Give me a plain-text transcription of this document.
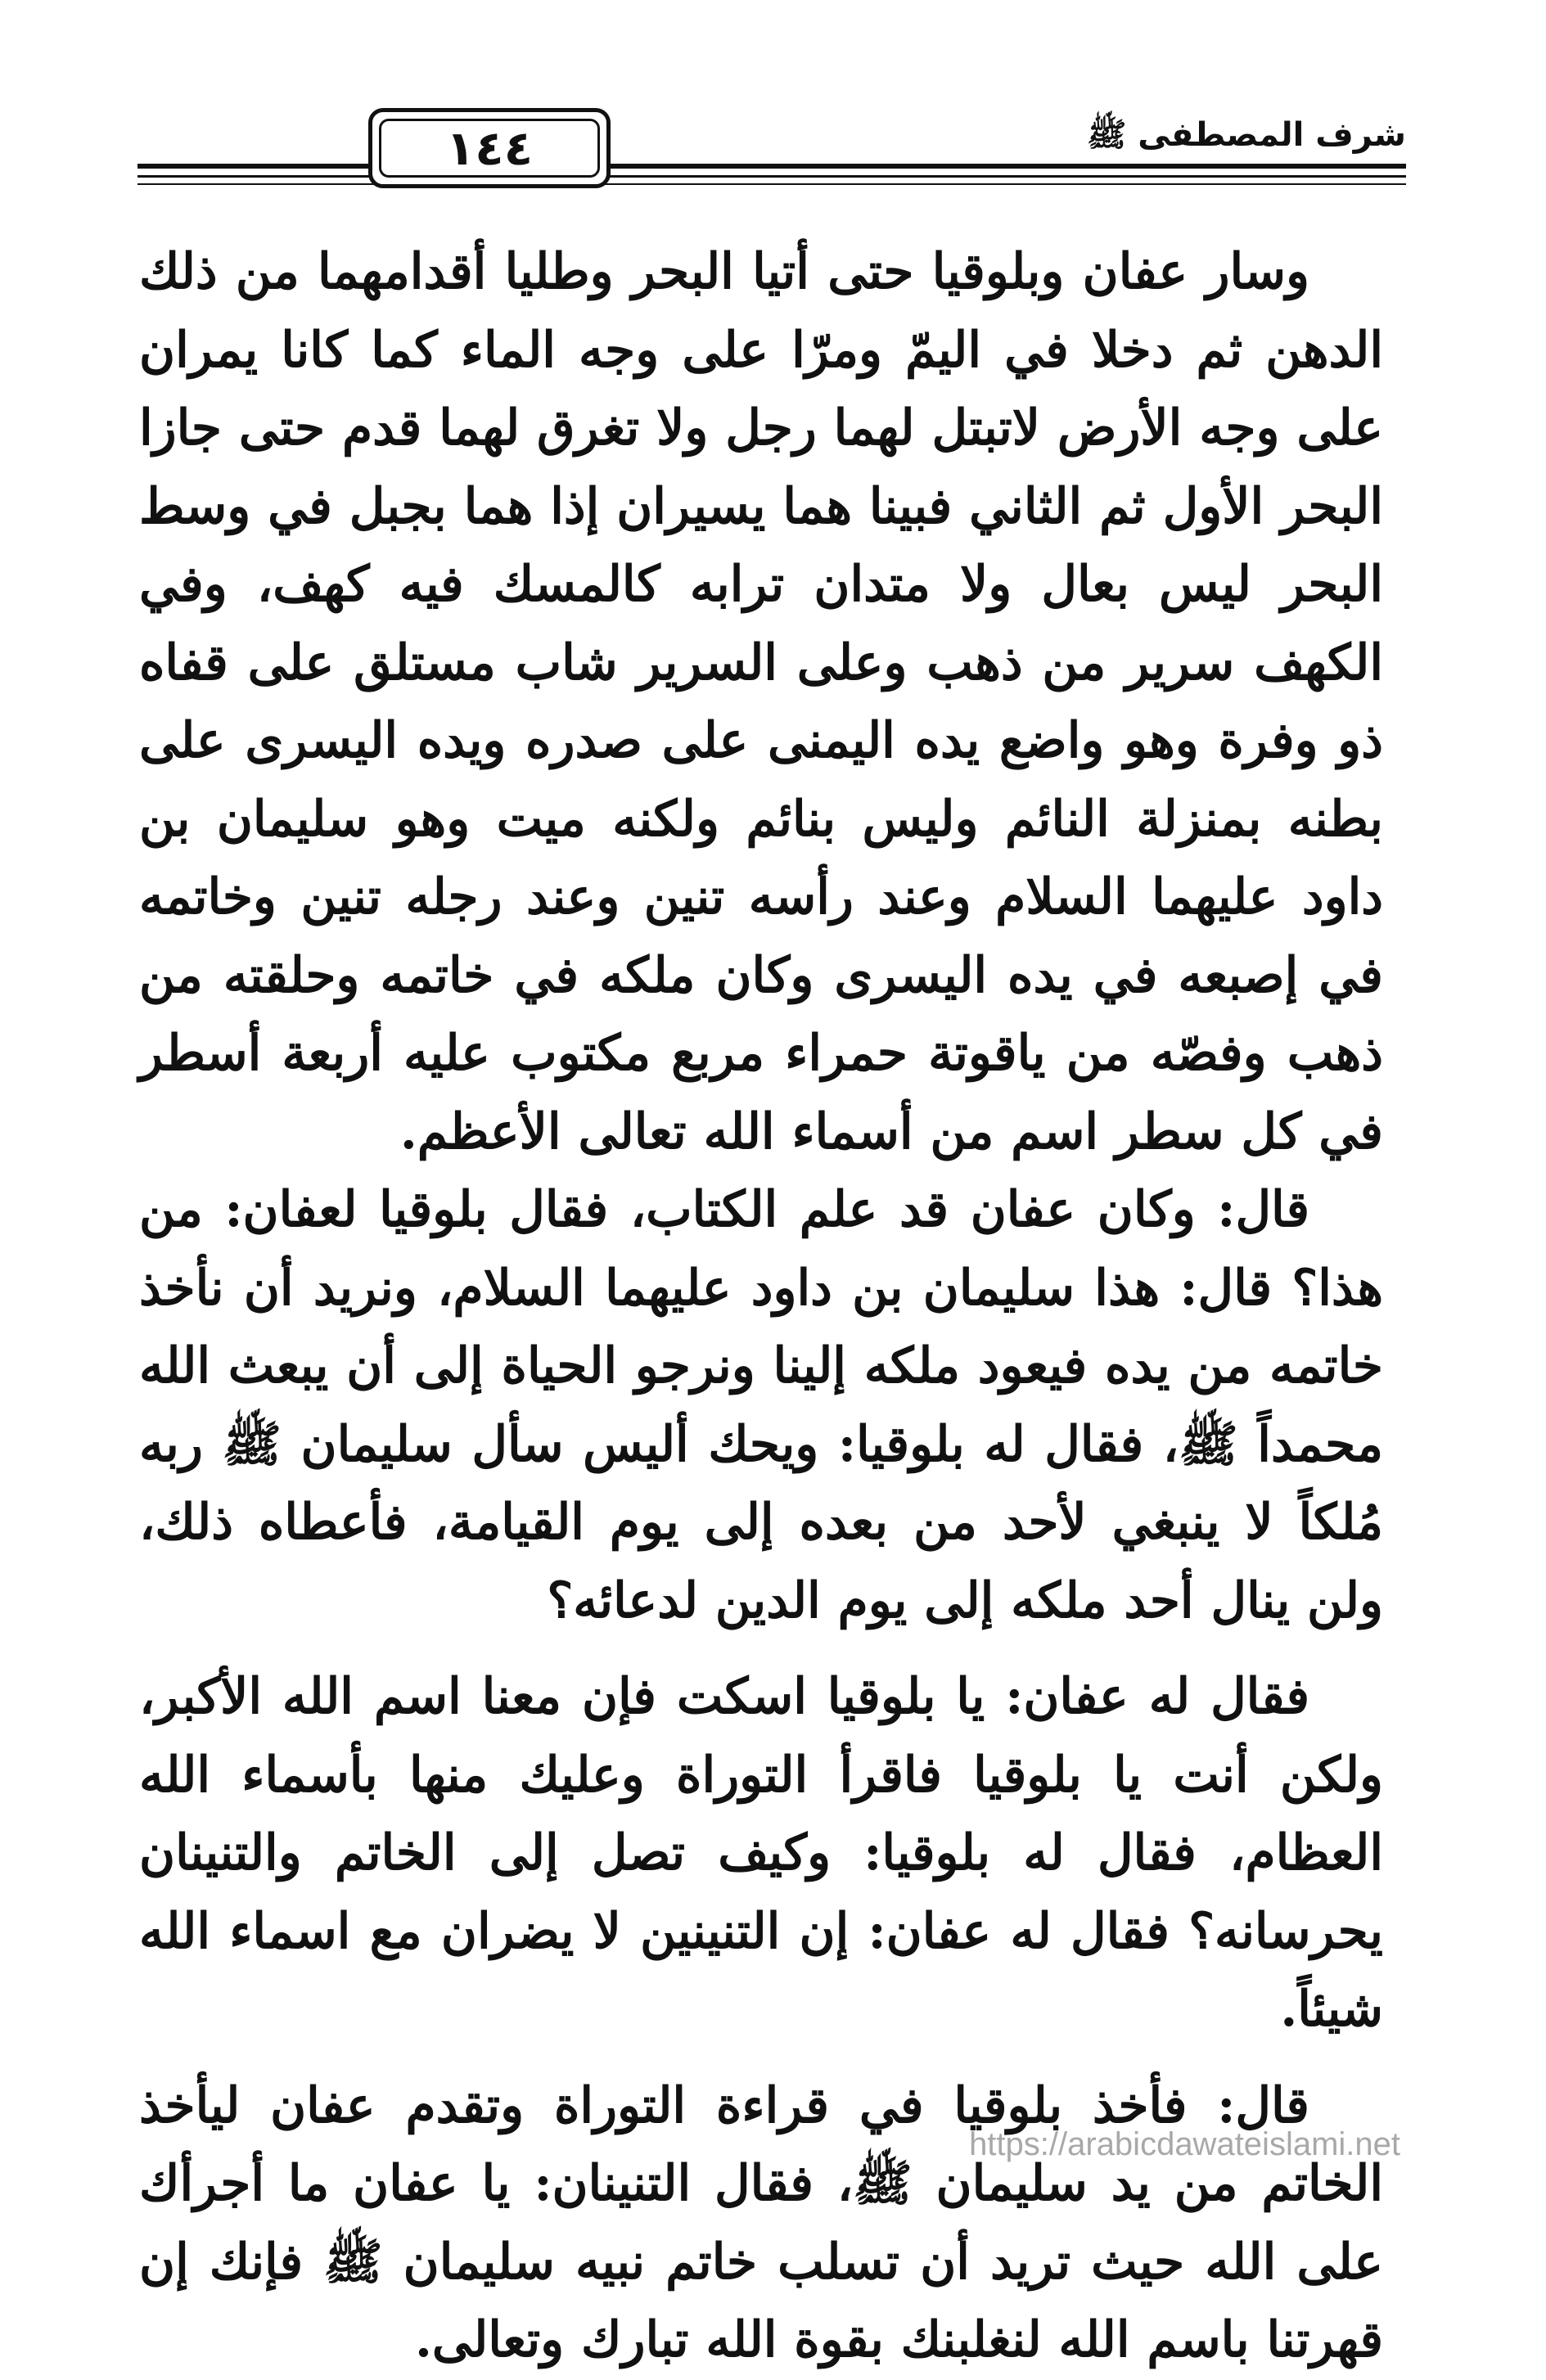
١٤٤	شرف المصطفى ﷺ

وسار عفان وبلوقيا حتى أتيا البحر وطليا أقدامهما من ذلك الدهن ثم دخلا في اليمّ ومرّا على وجه الماء كما كانا يمران على وجه الأرض لاتبتل لهما رجل ولا تغرق لهما قدم حتى جازا البحر الأول ثم الثاني فبينا هما يسيران إذا هما بجبل في وسط البحر ليس بعال ولا متدان ترابه كالمسك فيه كهف، وفي الكهف سرير من ذهب وعلى السرير شاب مستلق على قفاه ذو وفرة وهو واضع يده اليمنى على صدره ويده اليسرى على بطنه بمنزلة النائم وليس بنائم ولكنه ميت وهو سليمان بن داود عليهما السلام وعند رأسه تنين وعند رجله تنين وخاتمه في إصبعه في يده اليسرى وكان ملكه في خاتمه وحلقته من ذهب وفصّه من ياقوتة حمراء مربع مكتوب عليه أربعة أسطر في كل سطر اسم من أسماء الله تعالى الأعظم.

قال: وكان عفان قد علم الكتاب، فقال بلوقيا لعفان: من هذا؟ قال: هذا سليمان بن داود عليهما السلام، ونريد أن نأخذ خاتمه من يده فيعود ملكه إلينا ونرجو الحياة إلى أن يبعث الله محمداً ﷺ، فقال له بلوقيا: ويحك أليس سأل سليمان ﷺ ربه مُلكاً لا ينبغي لأحد من بعده إلى يوم القيامة، فأعطاه ذلك، ولن ينال أحد ملكه إلى يوم الدين لدعائه؟

فقال له عفان: يا بلوقيا اسكت فإن معنا اسم الله الأكبر، ولكن أنت يا بلوقيا فاقرأ التوراة وعليك منها بأسماء الله العظام، فقال له بلوقيا: وكيف تصل إلى الخاتم والتنينان يحرسانه؟ فقال له عفان: إن التنينين لا يضران مع اسماء الله شيئاً.

قال: فأخذ بلوقيا في قراءة التوراة وتقدم عفان ليأخذ الخاتم من يد سليمان ﷺ، فقال التنينان: يا عفان ما أجرأك على الله حيث تريد أن تسلب خاتم نبيه سليمان ﷺ فإنك إن قهرتنا باسم الله لنغلبنك بقوة الله تبارك وتعالى.

https://arabicdawateislami.net
